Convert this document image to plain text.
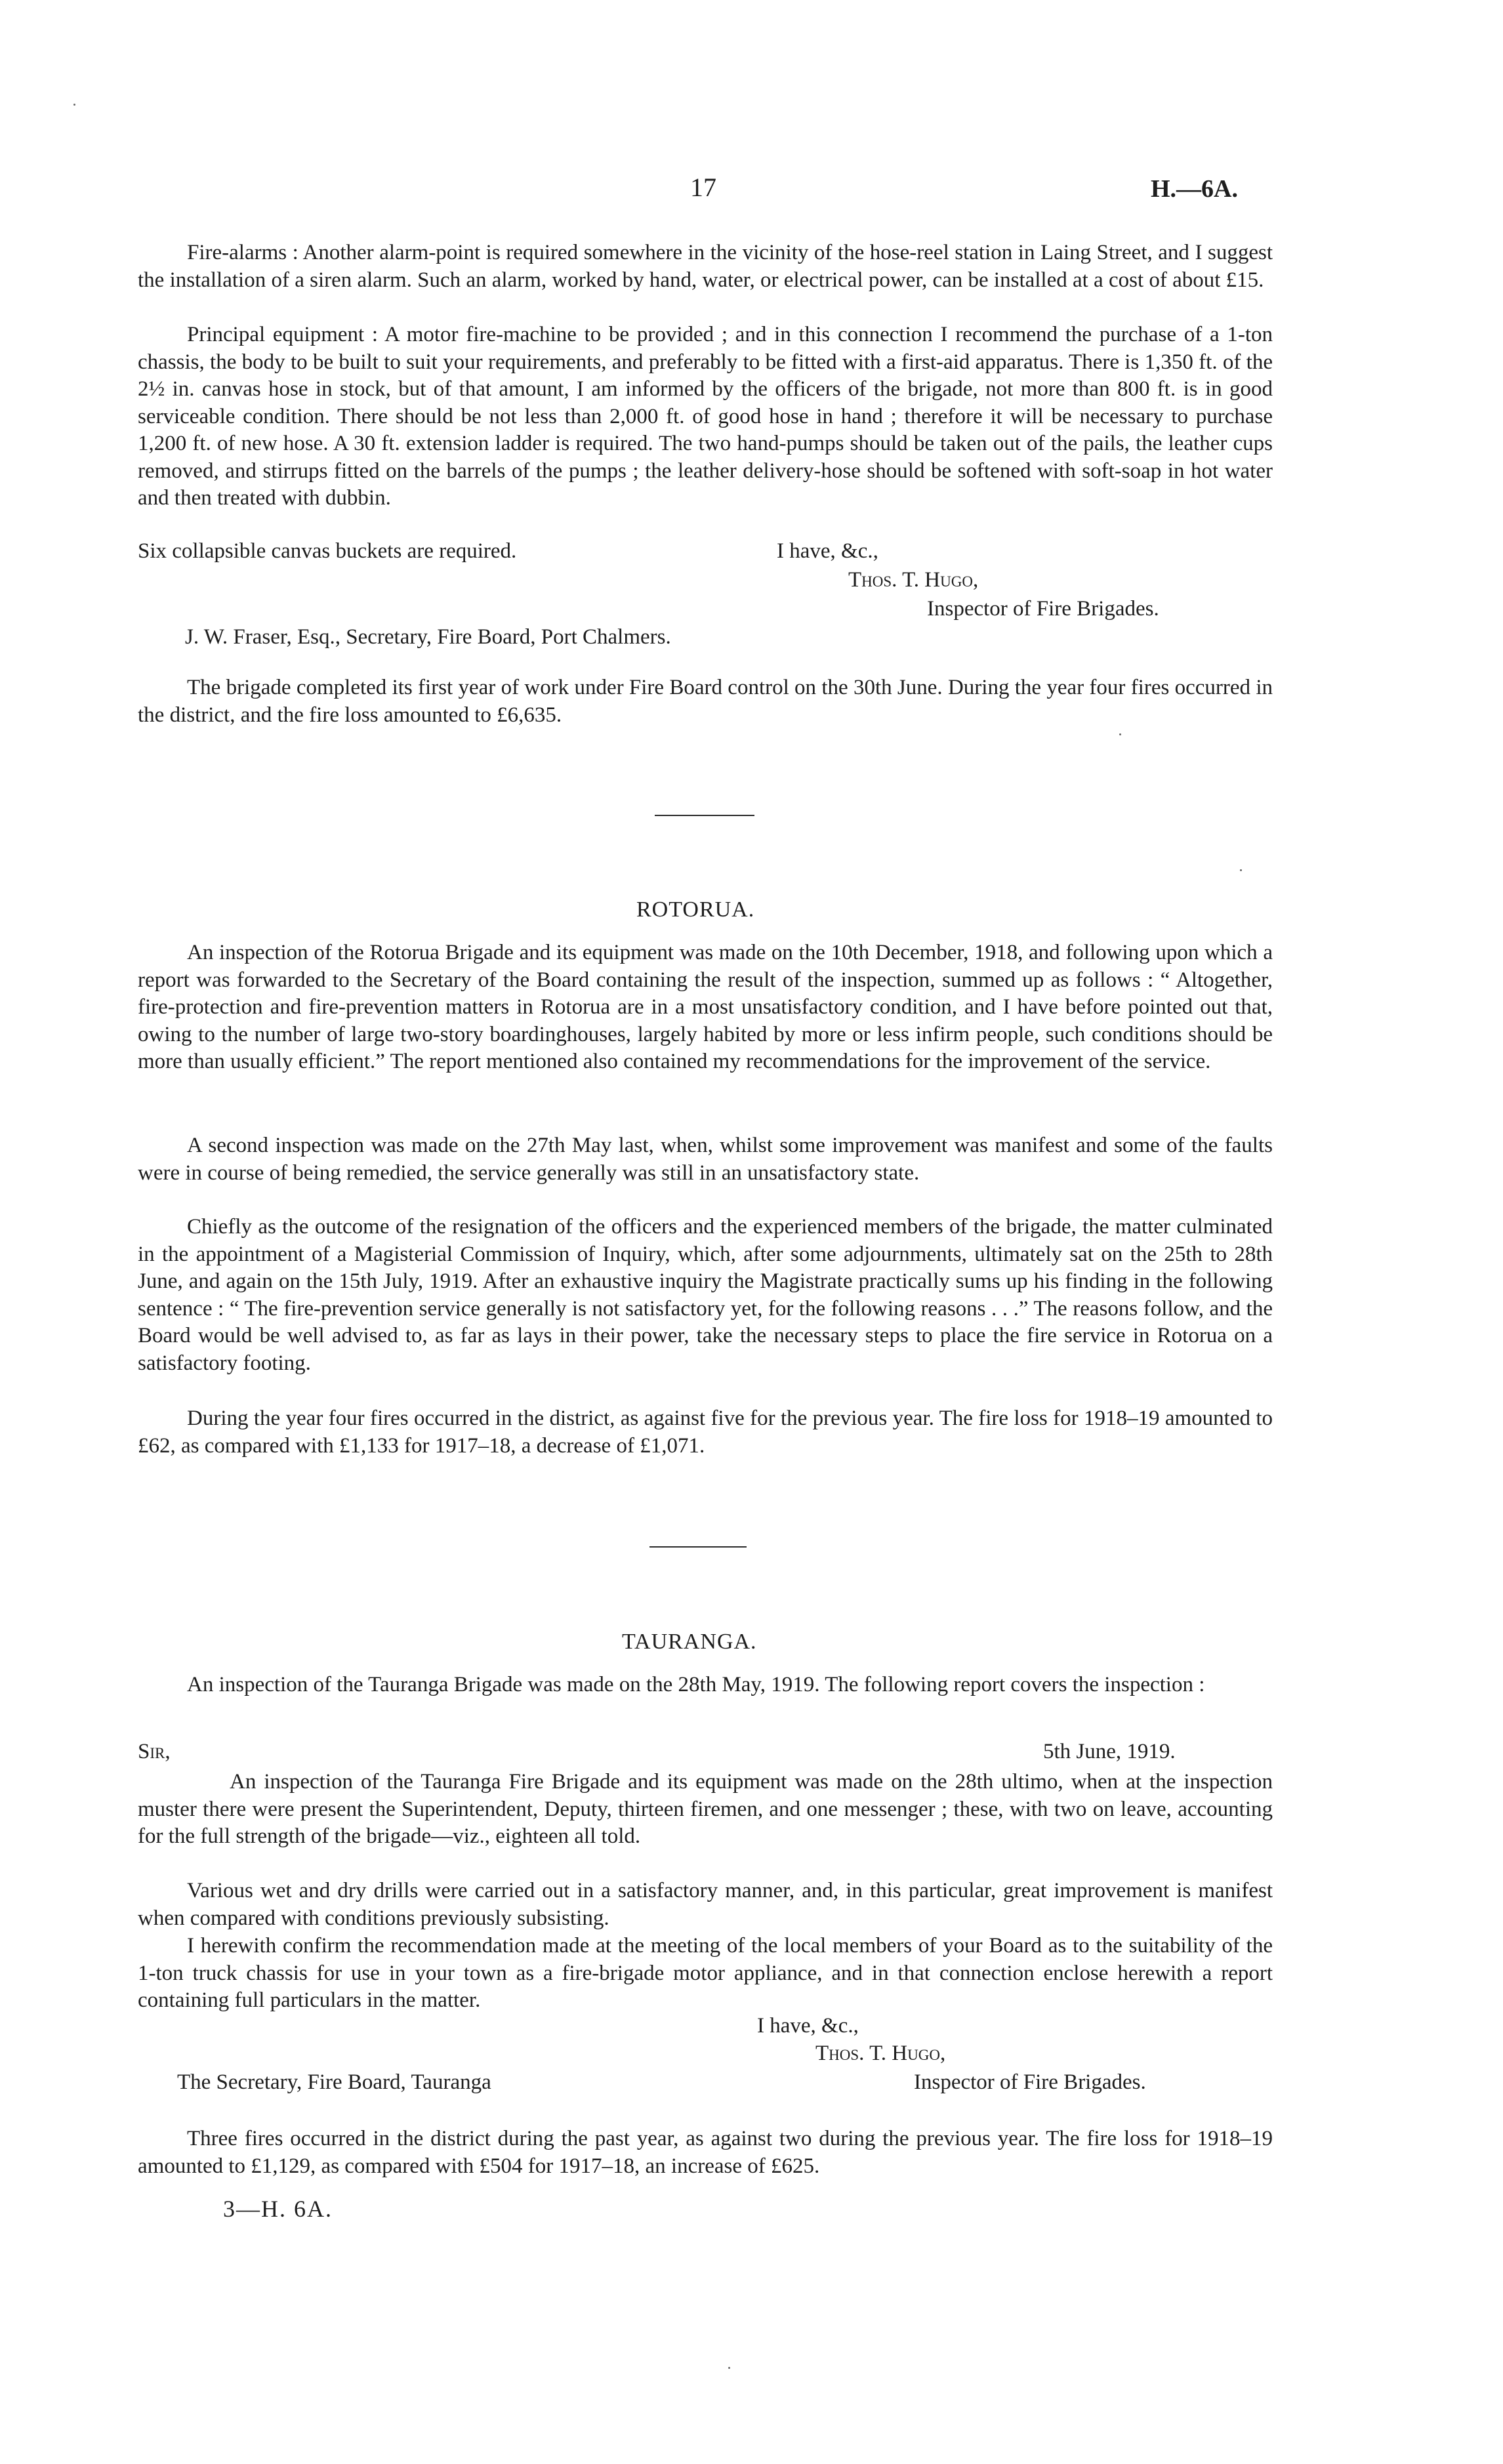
17	H.—6A.
Fire-alarms : Another alarm-point is required somewhere in the vicinity of the hose-reel station in Laing Street, and I suggest the installation of a siren alarm. Such an alarm, worked by hand, water, or electrical power, can be installed at a cost of about £15.
Principal equipment : A motor fire-machine to be provided ; and in this connection I recommend the purchase of a 1-ton chassis, the body to be built to suit your requirements, and preferably to be fitted with a first-aid apparatus. There is 1,350 ft. of the 2½ in. canvas hose in stock, but of that amount, I am informed by the officers of the brigade, not more than 800 ft. is in good serviceable condition. There should be not less than 2,000 ft. of good hose in hand ; therefore it will be necessary to purchase 1,200 ft. of new hose. A 30 ft. extension ladder is required. The two hand-pumps should be taken out of the pails, the leather cups removed, and stirrups fitted on the barrels of the pumps ; the leather delivery-hose should be softened with soft-soap in hot water and then treated with dubbin.
Six collapsible canvas buckets are required.	I have, &c.,
Thos. T. Hugo,
Inspector of Fire Brigades.
J. W. Fraser, Esq., Secretary, Fire Board, Port Chalmers.
The brigade completed its first year of work under Fire Board control on the 30th June. During the year four fires occurred in the district, and the fire loss amounted to £6,635.
ROTORUA.
An inspection of the Rotorua Brigade and its equipment was made on the 10th December, 1918, and following upon which a report was forwarded to the Secretary of the Board containing the result of the inspection, summed up as follows : “ Altogether, fire-protection and fire-prevention matters in Rotorua are in a most unsatisfactory condition, and I have before pointed out that, owing to the number of large two-story boardinghouses, largely habited by more or less infirm people, such conditions should be more than usually efficient.” The report mentioned also contained my recommendations for the improvement of the service.
A second inspection was made on the 27th May last, when, whilst some improvement was manifest and some of the faults were in course of being remedied, the service generally was still in an unsatisfactory state.
Chiefly as the outcome of the resignation of the officers and the experienced members of the brigade, the matter culminated in the appointment of a Magisterial Commission of Inquiry, which, after some adjournments, ultimately sat on the 25th to 28th June, and again on the 15th July, 1919. After an exhaustive inquiry the Magistrate practically sums up his finding in the following sentence : “ The fire-prevention service generally is not satisfactory yet, for the following reasons . . .” The reasons follow, and the Board would be well advised to, as far as lays in their power, take the necessary steps to place the fire service in Rotorua on a satisfactory footing.
During the year four fires occurred in the district, as against five for the previous year. The fire loss for 1918–19 amounted to £62, as compared with £1,133 for 1917–18, a decrease of £1,071.
TAURANGA.
An inspection of the Tauranga Brigade was made on the 28th May, 1919. The following report covers the inspection :
Sir,	5th June, 1919.
An inspection of the Tauranga Fire Brigade and its equipment was made on the 28th ultimo, when at the inspection muster there were present the Superintendent, Deputy, thirteen firemen, and one messenger ; these, with two on leave, accounting for the full strength of the brigade—viz., eighteen all told.
Various wet and dry drills were carried out in a satisfactory manner, and, in this particular, great improvement is manifest when compared with conditions previously subsisting.
I herewith confirm the recommendation made at the meeting of the local members of your Board as to the suitability of the 1-ton truck chassis for use in your town as a fire-brigade motor appliance, and in that connection enclose herewith a report containing full particulars in the matter.
I have, &c.,
Thos. T. Hugo,
The Secretary, Fire Board, Tauranga	Inspector of Fire Brigades.
Three fires occurred in the district during the past year, as against two during the previous year. The fire loss for 1918–19 amounted to £1,129, as compared with £504 for 1917–18, an increase of £625.
3—H. 6A.
